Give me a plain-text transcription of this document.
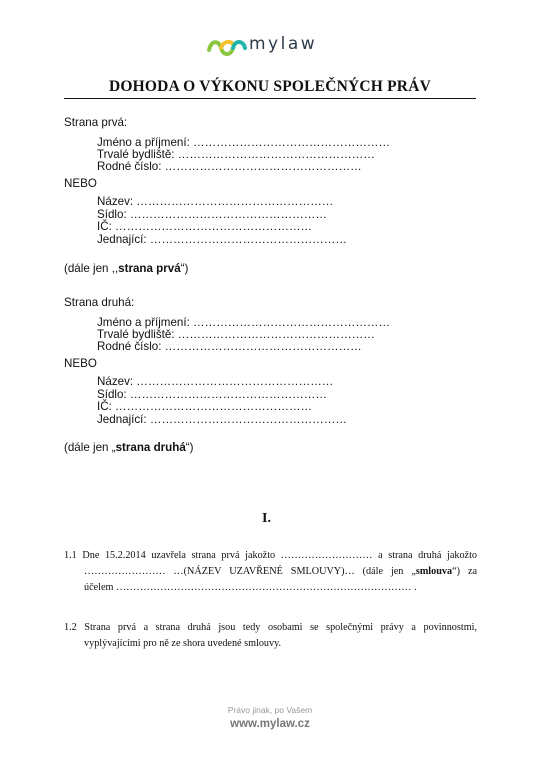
mylaw
DOHODA O VÝKONU SPOLEČNÝCH PRÁV
Strana prvá:
Jméno a příjmení: ……………………………………………
Trvalé bydliště: ……………………………………………
Rodné číslo: ……………………………………………
NEBO
Název: ……………………………………………
Sídlo: ……………………………………………
IČ: ……………………………………………
Jednající: ……………………………………………
(dále jen ,,strana prvá“)
Strana druhá:
Jméno a příjmení: ……………………………………………
Trvalé bydliště: ……………………………………………
Rodné číslo: ……………………………………………
NEBO
Název: ……………………………………………
Sídlo: ……………………………………………
IČ: ……………………………………………
Jednající: ……………………………………………
(dále jen „strana druhá“)
I.
1.1 Dne 15.2.2014 uzavřela strana prvá jakožto ……………………… a strana druhá jakožto
…………………… …(NÁZEV UZAVŘENÉ SMLOUVY)… (dále jen „smlouva“) za
účelem …………………………………………………………………………… .
1.2 Strana prvá a strana druhá jsou tedy osobami se společnými právy a povinnostmi,
vyplývajícími pro ně ze shora uvedené smlouvy.
Právo jinak, po Vašem
www.mylaw.cz
